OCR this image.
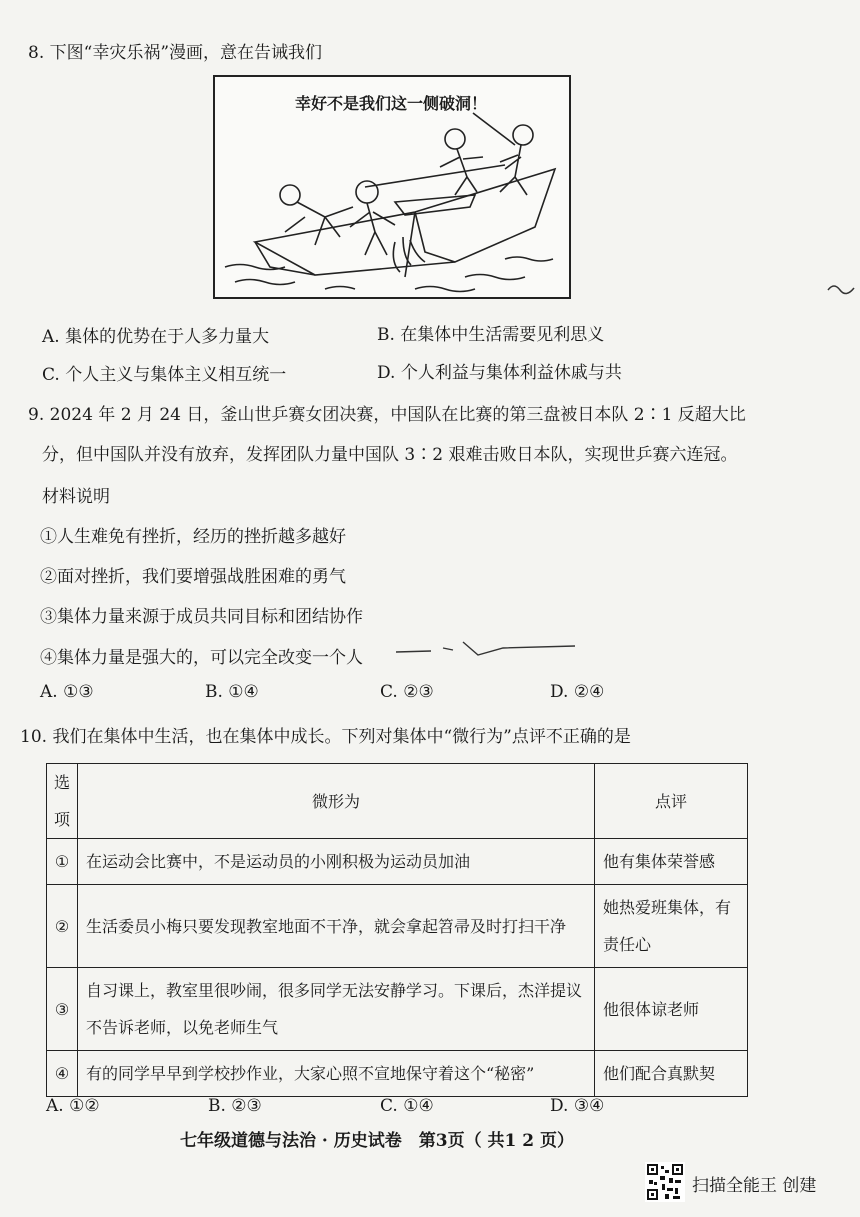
8. 下图“幸灾乐祸”漫画，意在告诫我们
幸好不是我们这一侧破洞！
A. 集体的优势在于人多力量大	B. 在集体中生活需要见利思义
C. 个人主义与集体主义相互统一	D. 个人利益与集体利益休戚与共
9. 2024 年 2 月 24 日，釜山世乒赛女团决赛，中国队在比赛的第三盘被日本队 2∶1 反超大比
分，但中国队并没有放弃，发挥团队力量中国队 3∶2 艰难击败日本队，实现世乒赛六连冠。
材料说明
①人生难免有挫折，经历的挫折越多越好
②面对挫折，我们要增强战胜困难的勇气
③集体力量来源于成员共同目标和团结协作
④集体力量是强大的，可以完全改变一个人
A. ①③	B. ①④	C. ②③	D. ②④
10. 我们在集体中生活，也在集体中成长。下列对集体中“微行为”点评不正确的是
选项	微形为	点评
①	在运动会比赛中，不是运动员的小刚积极为运动员加油	他有集体荣誉感
②	生活委员小梅只要发现教室地面不干净，就会拿起笤帚及时打扫干净	她热爱班集体，有责任心
③	自习课上，教室里很吵闹，很多同学无法安静学习。下课后，杰洋提议不告诉老师，以免老师生气	他很体谅老师
④	有的同学早早到学校抄作业，大家心照不宣地保守着这个“秘密”	他们配合真默契
A. ①②	B. ②③	C. ①④	D. ③④
七年级道德与法治 · 历史试卷　第3页（ 共1 2 页）
扫描全能王 创建
